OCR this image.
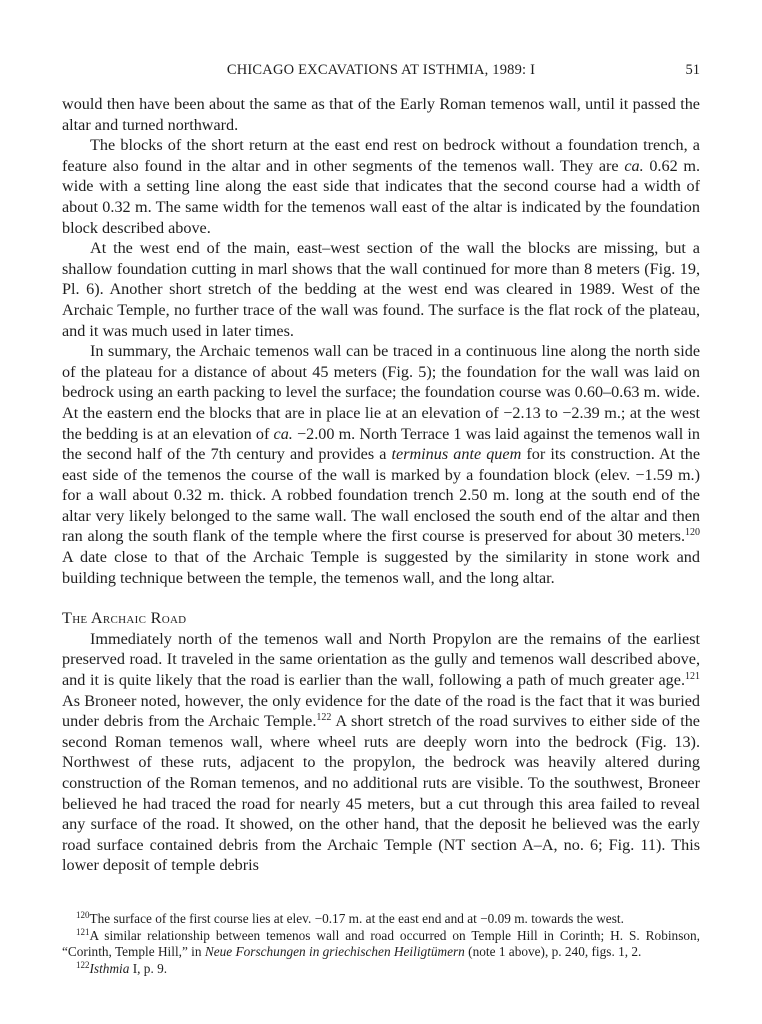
CHICAGO EXCAVATIONS AT ISTHMIA, 1989: I	51

would then have been about the same as that of the Early Roman temenos wall, until it passed the altar and turned northward.

The blocks of the short return at the east end rest on bedrock without a foundation trench, a feature also found in the altar and in other segments of the temenos wall. They are ca. 0.62 m. wide with a setting line along the east side that indicates that the second course had a width of about 0.32 m. The same width for the temenos wall east of the altar is indicated by the foundation block described above.

At the west end of the main, east–west section of the wall the blocks are missing, but a shallow foundation cutting in marl shows that the wall continued for more than 8 meters (Fig. 19, Pl. 6). Another short stretch of the bedding at the west end was cleared in 1989. West of the Archaic Temple, no further trace of the wall was found. The surface is the flat rock of the plateau, and it was much used in later times.

In summary, the Archaic temenos wall can be traced in a continuous line along the north side of the plateau for a distance of about 45 meters (Fig. 5); the foundation for the wall was laid on bedrock using an earth packing to level the surface; the foundation course was 0.60–0.63 m. wide. At the eastern end the blocks that are in place lie at an elevation of −2.13 to −2.39 m.; at the west the bedding is at an elevation of ca. −2.00 m. North Terrace 1 was laid against the temenos wall in the second half of the 7th century and provides a terminus ante quem for its construction. At the east side of the temenos the course of the wall is marked by a foundation block (elev. −1.59 m.) for a wall about 0.32 m. thick. A robbed foundation trench 2.50 m. long at the south end of the altar very likely belonged to the same wall. The wall enclosed the south end of the altar and then ran along the south flank of the temple where the first course is preserved for about 30 meters.$^{120}$ A date close to that of the Archaic Temple is suggested by the similarity in stone work and building technique between the temple, the temenos wall, and the long altar.

The Archaic Road

Immediately north of the temenos wall and North Propylon are the remains of the earliest preserved road. It traveled in the same orientation as the gully and temenos wall described above, and it is quite likely that the road is earlier than the wall, following a path of much greater age.$^{121}$ As Broneer noted, however, the only evidence for the date of the road is the fact that it was buried under debris from the Archaic Temple.$^{122}$ A short stretch of the road survives to either side of the second Roman temenos wall, where wheel ruts are deeply worn into the bedrock (Fig. 13). Northwest of these ruts, adjacent to the propylon, the bedrock was heavily altered during construction of the Roman temenos, and no additional ruts are visible. To the southwest, Broneer believed he had traced the road for nearly 45 meters, but a cut through this area failed to reveal any surface of the road. It showed, on the other hand, that the deposit he believed was the early road surface contained debris from the Archaic Temple (NT section A–A, no. 6; Fig. 11). This lower deposit of temple debris

$^{120}$The surface of the first course lies at elev. −0.17 m. at the east end and at −0.09 m. towards the west.

$^{121}$A similar relationship between temenos wall and road occurred on Temple Hill in Corinth; H. S. Robinson, “Corinth, Temple Hill,” in Neue Forschungen in griechischen Heiligtümern (note 1 above), p. 240, figs. 1, 2.

$^{122}$Isthmia I, p. 9.
